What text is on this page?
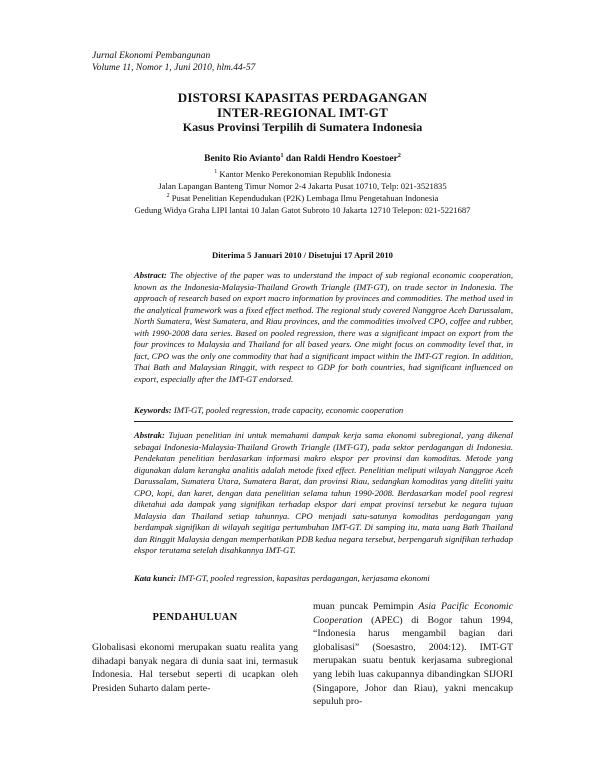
Jurnal Ekonomi Pembangunan
Volume 11, Nomor 1, Juni 2010, hlm.44-57
DISTORSI KAPASITAS PERDAGANGAN
INTER-REGIONAL IMT-GT
Kasus Provinsi Terpilih di Sumatera Indonesia
Benito Rio Avianto$^1$ dan Raldi Hendro Koestoer$^2$
$^1$ Kantor Menko Perekonomian Republik Indonesia
Jalan Lapangan Banteng Timur Nomor 2-4 Jakarta Pusat 10710, Telp: 021-3521835
$^2$ Pusat Penelitian Kependudukan (P2K) Lembaga Ilmu Pengetahuan Indonesia
Gedung Widya Graha LIPI lantai 10 Jalan Gatot Subroto 10 Jakarta 12710 Telepon: 021-5221687
Diterima 5 Januari 2010 / Disetujui 17 April 2010
Abstract: The objective of the paper was to understand the impact of sub regional economic cooperation, known as the Indonesia-Malaysia-Thailand Growth Triangle (IMT-GT), on trade sector in Indonesia. The approach of research based on export macro information by provinces and commodities. The method used in the analytical framework was a fixed effect method. The regional study covered Nanggroe Aceh Darussalam, North Sumatera, West Sumatera, and Riau provinces, and the commodities involved CPO, coffee and rubber, with 1990-2008 data series. Based on pooled regression, there was a significant impact on export from the four provinces to Malaysia and Thailand for all based years. One might focus on commodity level that, in fact, CPO was the only one commodity that had a significant impact within the IMT-GT region. In addition, Thai Bath and Malaysian Ringgit, with respect to GDP for both countries, had significant influenced on export, especially after the IMT-GT endorsed.
Keywords: IMT-GT, pooled regression, trade capacity, economic cooperation
Abstrak: Tujuan penelitian ini untuk memahami dampak kerja sama ekonomi subregional, yang dikenal sebagai Indonesia-Malaysia-Thailand Growth Triangle (IMT-GT), pada sektor perdagangan di Indonesia. Pendekatan penelitian berdasarkan informasi makro ekspor per provinsi dan komoditas. Metode yang digunakan dalam kerangka analitis adalah metode fixed effect. Penelitian meliputi wilayah Nanggroe Aceh Darussalam, Sumatera Utara, Sumatera Barat, dan provinsi Riau, sedangkan komoditas yang diteliti yaitu CPO, kopi, dan karet, dengan data penelitian selama tahun 1990-2008. Berdasarkan model pool regresi diketahui ada dampak yang signifikan terhadap ekspor dari empat provinsi tersebut ke negara tujuan Malaysia dan Thailand setiap tahunnya. CPO menjadi satu-satunya komoditas perdagangan yang berdampak signifikan di wilayah segitiga pertumbuhan IMT-GT. Di samping itu, mata uang Bath Thailand dan Ringgit Malaysia dengan memperhatikan PDB kedua negara tersebut, berpengaruh signifikan terhadap ekspor terutama setelah disahkannya IMT-GT.
Kata kunci: IMT-GT, pooled regression, kapasitas perdagangan, kerjasama ekonomi
PENDAHULUAN
Globalisasi ekonomi merupakan suatu realita yang dihadapi banyak negara di dunia saat ini, termasuk Indonesia. Hal tersebut seperti di ucapkan oleh Presiden Suharto dalam perte-
muan puncak Pemimpin Asia Pacific Economic Cooperation (APEC) di Bogor tahun 1994, “Indonesia harus mengambil bagian dari globalisasi” (Soesastro, 2004:12). IMT-GT merupakan suatu bentuk kerjasama subregional yang lebih luas cakupannya dibandingkan SIJORI (Singapore, Johor dan Riau), yakni mencakup sepuluh pro-
